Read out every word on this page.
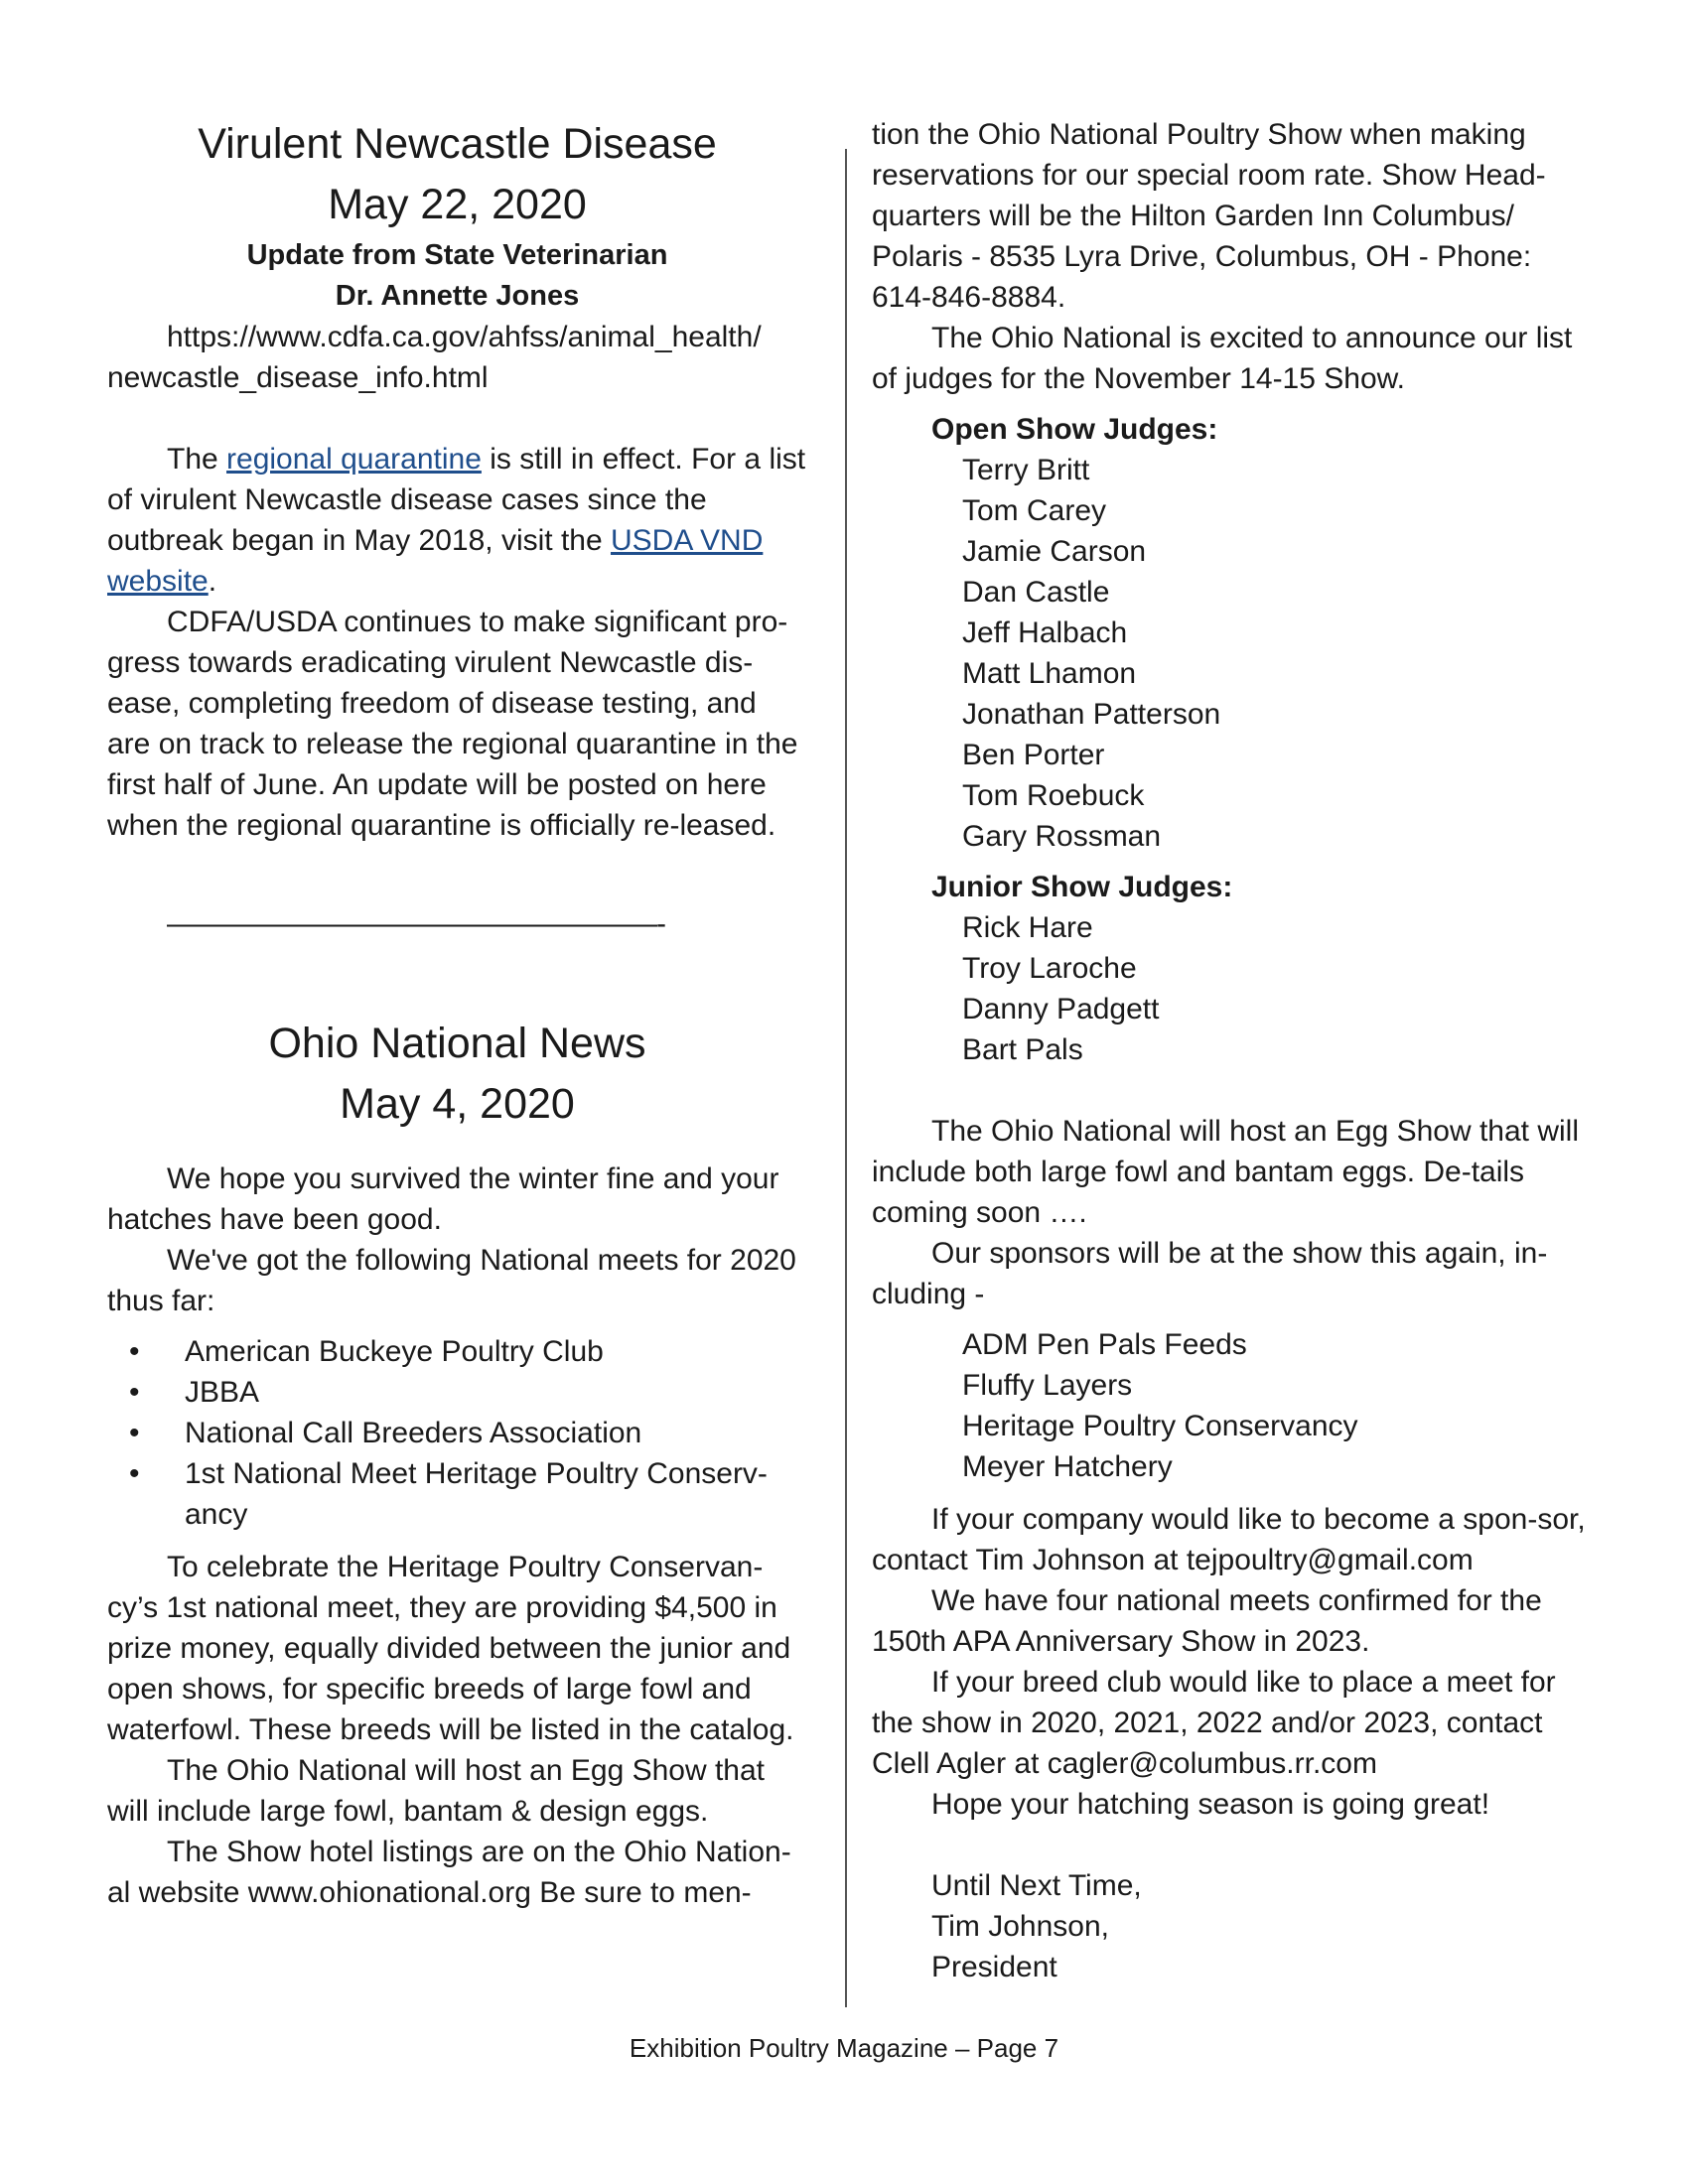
Virulent Newcastle Disease
May 22, 2020

Update from State Veterinarian

Dr. Annette Jones

https://www.cdfa.ca.gov/ahfss/animal_health/

newcastle_disease_info.html

The regional quarantine is still in effect. For a list of virulent Newcastle disease cases since the outbreak began in May 2018, visit the USDA VND website.

CDFA/USDA continues to make significant pro-gress towards eradicating virulent Newcastle dis-ease, completing freedom of disease testing, and are on track to release the regional quarantine in the first half of June. An update will be posted on here when the regional quarantine is officially re-leased.

—————————————————-
Ohio National News
May 4, 2020

We hope you survived the winter fine and your hatches have been good.

We've got the following National meets for 2020 thus far:

• American Buckeye Poultry Club
• JBBA
• National Call Breeders Association
• 1st National Meet Heritage Poultry Conserv-ancy

To celebrate the Heritage Poultry Conservan-cy’s 1st national meet, they are providing $4,500 in prize money, equally divided between the junior and open shows, for specific breeds of large fowl and waterfowl. These breeds will be listed in the catalog.

The Ohio National will host an Egg Show that will include large fowl, bantam & design eggs.

The Show hotel listings are on the Ohio Nation-al website www.ohionational.org Be sure to men-

tion the Ohio National Poultry Show when making reservations for our special room rate. Show Head-quarters will be the Hilton Garden Inn Columbus/ Polaris - 8535 Lyra Drive, Columbus, OH - Phone: 614-846-8884.

The Ohio National is excited to announce our list of judges for the November 14-15 Show.

Open Show Judges:

Terry Britt
Tom Carey
Jamie Carson
Dan Castle
Jeff Halbach
Matt Lhamon
Jonathan Patterson
Ben Porter
Tom Roebuck
Gary Rossman

Junior Show Judges:

Rick Hare
Troy Laroche
Danny Padgett
Bart Pals

The Ohio National will host an Egg Show that will include both large fowl and bantam eggs. De-tails coming soon ….

Our sponsors will be at the show this again, in-cluding -

ADM Pen Pals Feeds
Fluffy Layers
Heritage Poultry Conservancy
Meyer Hatchery

If your company would like to become a spon-sor, contact Tim Johnson at tejpoultry@gmail.com

We have four national meets confirmed for the 150th APA Anniversary Show in 2023.

If your breed club would like to place a meet for the show in 2020, 2021, 2022 and/or 2023, contact Clell Agler at cagler@columbus.rr.com

Hope your hatching season is going great!

Until Next Time,

Tim Johnson,

President

Exhibition Poultry Magazine – Page 7
